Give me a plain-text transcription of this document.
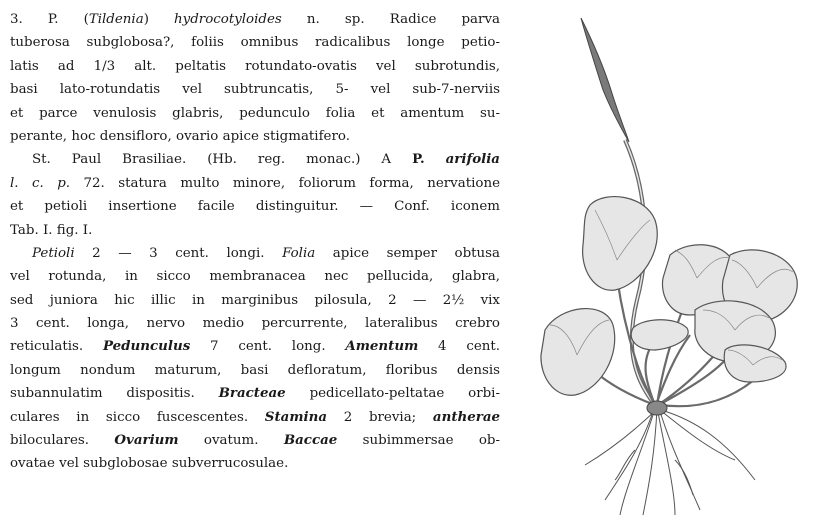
3. P. (Tildenia) hydrocotyloides n. sp. Radice parva
tuberosa subglobosa?, foliis omnibus radicalibus longe petio-
latis ad 1/3 alt. peltatis rotundato-ovatis vel subrotundis,
basi lato-rotundatis vel subtruncatis, 5- vel sub-7-nerviis
et parce venulosis glabris, pedunculo folia et amentum su-
perante, hoc densifloro, ovario apice stigmatifero.
St. Paul Brasiliae. (Hb. reg. monac.) A P. arifolia
l. c. p. 72. statura multo minore, foliorum forma, nervatione
et petioli insertione facile distinguitur. — Conf. iconem
Tab. I. fig. I.
Petioli 2 — 3 cent. longi. Folia apice semper obtusa
vel rotunda, in sicco membranacea nec pellucida, glabra,
sed juniora hic illic in marginibus pilosula, 2 — 2½ vix
3 cent. longa, nervo medio percurrente, lateralibus crebro
reticulatis. Pedunculus 7 cent. long. Amentum 4 cent.
longum nondum maturum, basi defloratum, floribus densis
subannulatim dispositis. Bracteae pedicellato-peltatae orbi-
culares in sicco fuscescentes. Stamina 2 brevia; antherae
biloculares. Ovarium ovatum. Baccae subimmersae ob-
ovatae vel subglobosae subverrucosulae.
